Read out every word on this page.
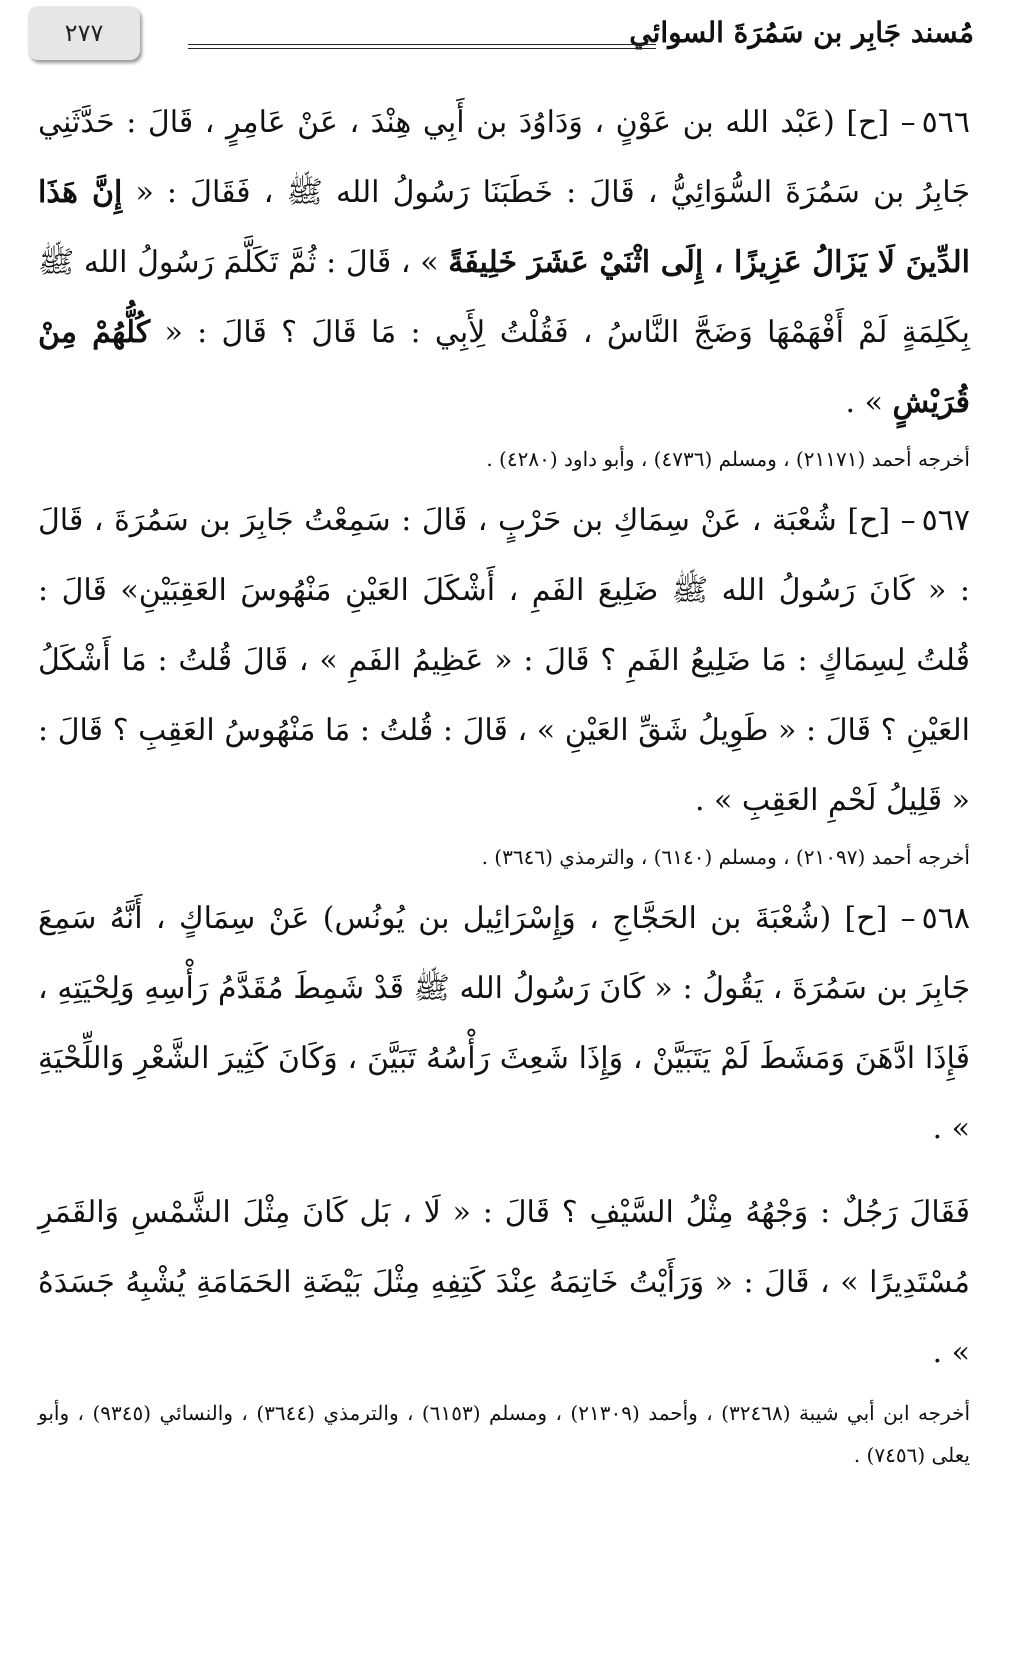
مُسند جَابِر بن سَمُرَةَ السوائي
٢٧٧

٥٦٦– [ح] (عَبْد الله بن عَوْنٍ ، وَدَاوُدَ بن أَبِي هِنْدَ ، عَنْ عَامِرٍ ، قَالَ : حَدَّثَنِي جَابِرُ بن سَمُرَةَ السُّوَائِيُّ ، قَالَ : خَطَبَنَا رَسُولُ الله ﷺ ، فَقَالَ : « إِنَّ هَذَا الدِّينَ لَا يَزَالُ عَزِيزًا ، إِلَى اثْنَيْ عَشَرَ خَلِيفَةً » ، قَالَ : ثُمَّ تَكَلَّمَ رَسُولُ الله ﷺ بِكَلِمَةٍ لَمْ أَفْهَمْهَا وَضَجَّ النَّاسُ ، فَقُلْتُ لِأَبِي : مَا قَالَ ؟ قَالَ : « كُلُّهُمْ مِنْ قُرَيْشٍ » .

أخرجه أحمد (٢١١٧١) ، ومسلم (٤٧٣٦) ، وأبو داود (٤٢٨٠) .

٥٦٧– [ح] شُعْبَة ، عَنْ سِمَاكِ بن حَرْبٍ ، قَالَ : سَمِعْتُ جَابِرَ بن سَمُرَةَ ، قَالَ : « كَانَ رَسُولُ الله ﷺ ضَلِيعَ الفَمِ ، أَشْكَلَ العَيْنِ مَنْهُوسَ العَقِبَيْنِ» قَالَ : قُلتُ لِسِمَاكٍ : مَا ضَلِيعُ الفَمِ ؟ قَالَ : « عَظِيمُ الفَمِ » ، قَالَ قُلتُ : مَا أَشْكَلُ العَيْنِ ؟ قَالَ : « طَوِيلُ شَقِّ العَيْنِ » ، قَالَ : قُلتُ : مَا مَنْهُوسُ العَقِبِ ؟ قَالَ : « قَلِيلُ لَحْمِ العَقِبِ » .

أخرجه أحمد (٢١٠٩٧) ، ومسلم (٦١٤٠) ، والترمذي (٣٦٤٦) .

٥٦٨– [ح] (شُعْبَةَ بن الحَجَّاجِ ، وَإِسْرَائِيل بن يُونُس) عَنْ سِمَاكٍ ، أَنَّهُ سَمِعَ جَابِرَ بن سَمُرَةَ ، يَقُولُ : « كَانَ رَسُولُ الله ﷺ قَدْ شَمِطَ مُقَدَّمُ رَأْسِهِ وَلِحْيَتِهِ ، فَإِذَا ادَّهَنَ وَمَشَطَ لَمْ يَتَبَيَّنْ ، وَإِذَا شَعِثَ رَأْسُهُ تَبَيَّنَ ، وَكَانَ كَثِيرَ الشَّعْرِ وَاللِّحْيَةِ » .

فَقَالَ رَجُلٌ : وَجْهُهُ مِثْلُ السَّيْفِ ؟ قَالَ : « لَا ، بَل كَانَ مِثْلَ الشَّمْسِ وَالقَمَرِ مُسْتَدِيرًا » ، قَالَ : « وَرَأَيْتُ خَاتِمَهُ عِنْدَ كَتِفِهِ مِثْلَ بَيْضَةِ الحَمَامَةِ يُشْبِهُ جَسَدَهُ » .

أخرجه ابن أبي شيبة (٣٢٤٦٨) ، وأحمد (٢١٣٠٩) ، ومسلم (٦١٥٣) ، والترمذي (٣٦٤٤) ، والنسائي (٩٣٤٥) ، وأبو يعلى (٧٤٥٦) .
